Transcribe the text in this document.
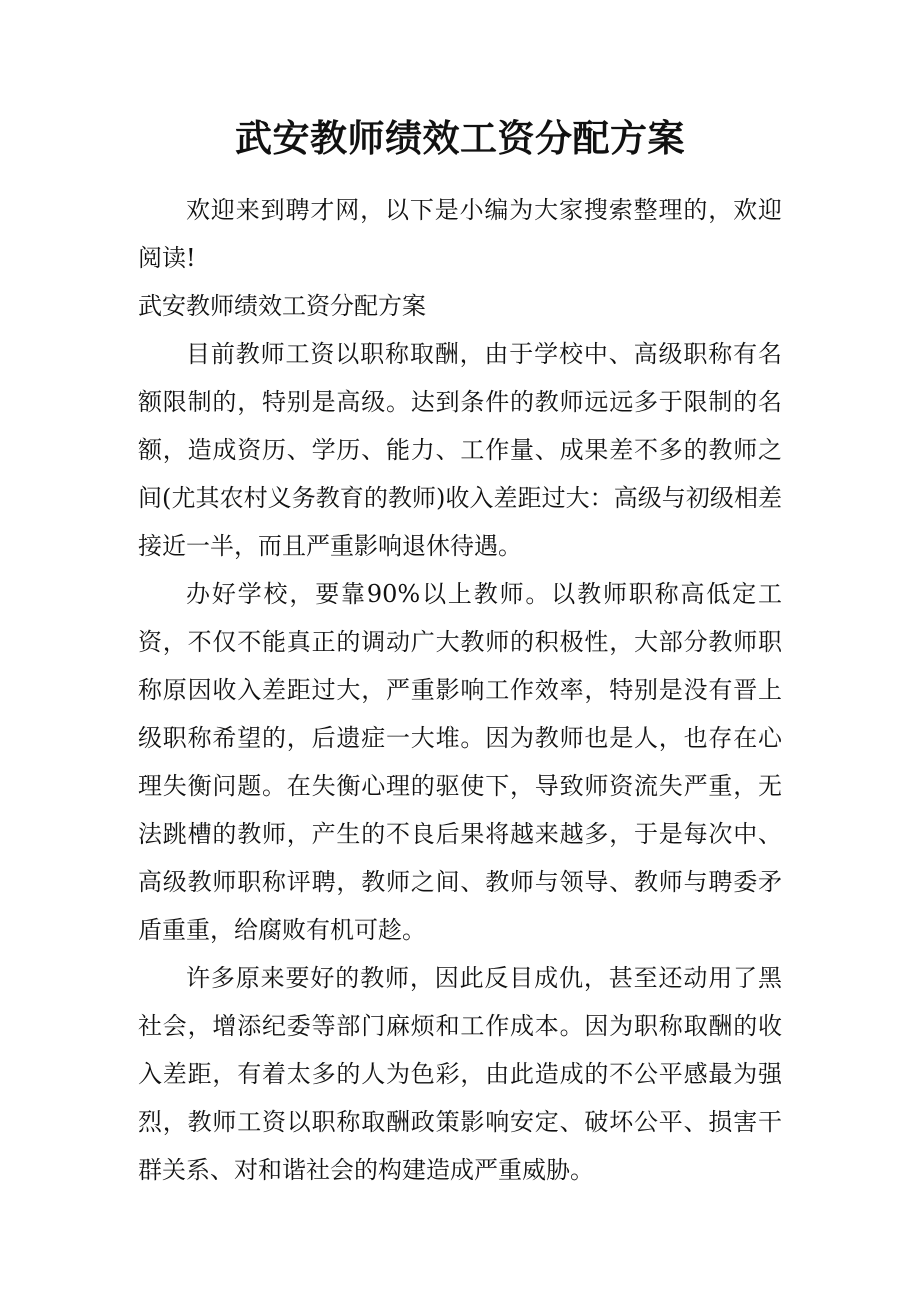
武安教师绩效工资分配方案

欢迎来到聘才网，以下是小编为大家搜索整理的，欢迎阅读!

武安教师绩效工资分配方案

目前教师工资以职称取酬，由于学校中、高级职称有名额限制的，特别是高级。达到条件的教师远远多于限制的名额，造成资历、学历、能力、工作量、成果差不多的教师之间(尤其农村义务教育的教师)收入差距过大：高级与初级相差接近一半，而且严重影响退休待遇。

办好学校，要靠90%以上教师。以教师职称高低定工资，不仅不能真正的调动广大教师的积极性，大部分教师职称原因收入差距过大，严重影响工作效率，特别是没有晋上级职称希望的，后遗症一大堆。因为教师也是人，也存在心理失衡问题。在失衡心理的驱使下，导致师资流失严重，无法跳槽的教师，产生的不良后果将越来越多，于是每次中、高级教师职称评聘，教师之间、教师与领导、教师与聘委矛盾重重，给腐败有机可趁。

许多原来要好的教师，因此反目成仇，甚至还动用了黑社会，增添纪委等部门麻烦和工作成本。因为职称取酬的收入差距，有着太多的人为色彩，由此造成的不公平感最为强烈，教师工资以职称取酬政策影响安定、破坏公平、损害干群关系、对和谐社会的构建造成严重威胁。
